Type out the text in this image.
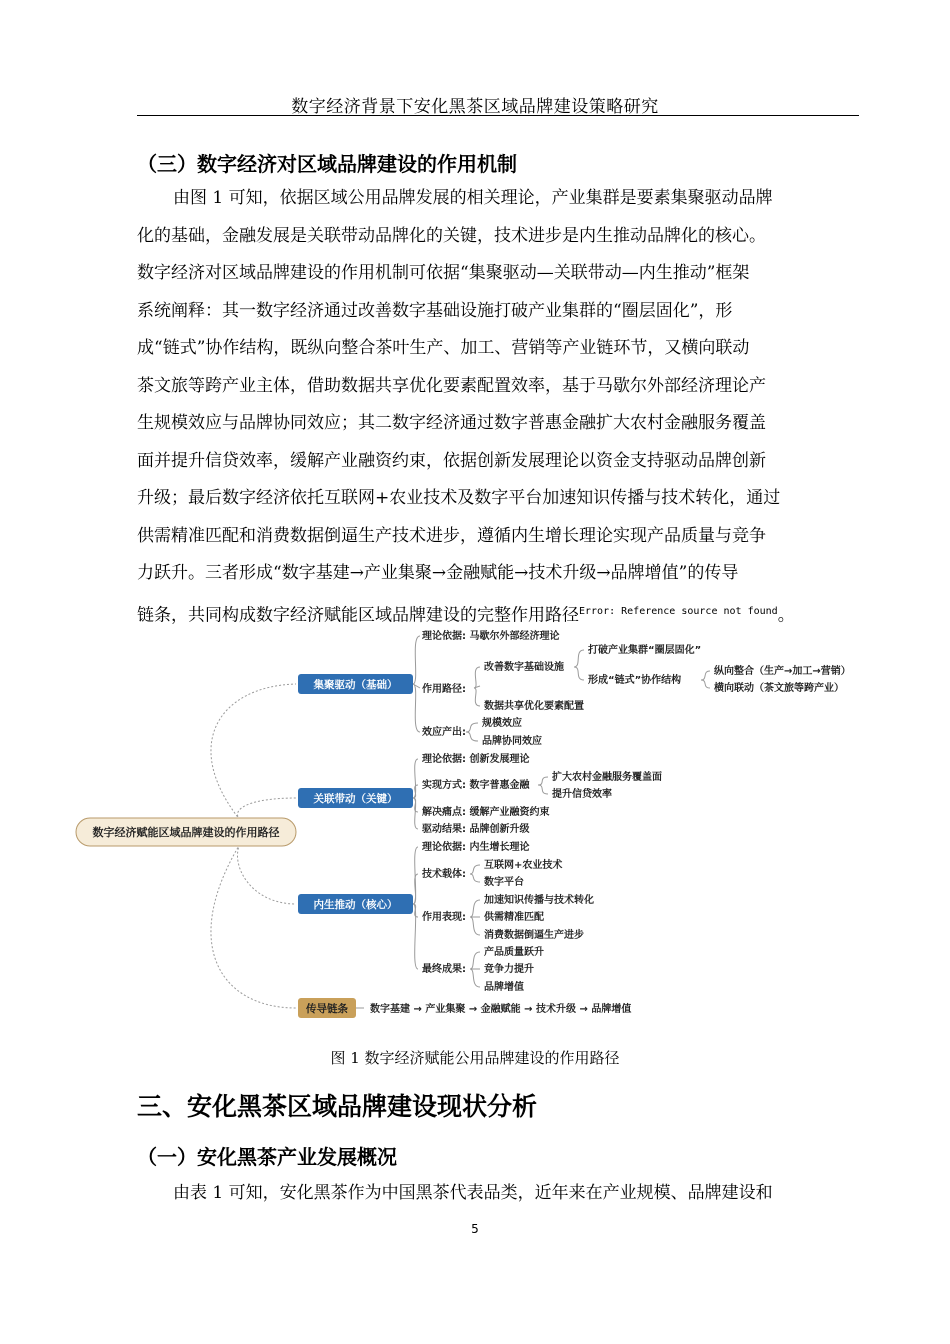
数字经济背景下安化黑茶区域品牌建设策略研究
（三）数字经济对区域品牌建设的作用机制
由图 1 可知，依据区域公用品牌发展的相关理论，产业集群是要素集聚驱动品牌
化的基础，金融发展是关联带动品牌化的关键，技术进步是内生推动品牌化的核心。
数字经济对区域品牌建设的作用机制可依据“集聚驱动—关联带动—内生推动”框架
系统阐释：其一数字经济通过改善数字基础设施打破产业集群的“圈层固化”，形
成“链式”协作结构，既纵向整合茶叶生产、加工、营销等产业链环节，又横向联动
茶文旅等跨产业主体，借助数据共享优化要素配置效率，基于马歇尔外部经济理论产
生规模效应与品牌协同效应；其二数字经济通过数字普惠金融扩大农村金融服务覆盖
面并提升信贷效率，缓解产业融资约束，依据创新发展理论以资金支持驱动品牌创新
升级；最后数字经济依托互联网+农业技术及数字平台加速知识传播与技术转化，通过
供需精准匹配和消费数据倒逼生产技术进步，遵循内生增长理论实现产品质量与竞争
力跃升。三者形成“数字基建→产业集聚→金融赋能→技术升级→品牌增值”的传导
链条，共同构成数字经济赋能区域品牌建设的完整作用路径$^{Error: Reference source not found}$。
数字经济赋能区域品牌建设的作用路径
集聚驱动（基础）
理论依据: 马歇尔外部经济理论
作用路径:
改善数字基础设施
打破产业集群“圈层固化”
形成“链式”协作结构
纵向整合（生产→加工→营销）
横向联动（茶文旅等跨产业）
数据共享优化要素配置
效应产出:
规模效应
品牌协同效应
关联带动（关键）
理论依据: 创新发展理论
实现方式: 数字普惠金融
扩大农村金融服务覆盖面
提升信贷效率
解决痛点: 缓解产业融资约束
驱动结果: 品牌创新升级
内生推动（核心）
理论依据: 内生增长理论
技术载体:
互联网+农业技术
数字平台
作用表现:
加速知识传播与技术转化
供需精准匹配
消费数据倒逼生产进步
最终成果:
产品质量跃升
竞争力提升
品牌增值
传导链条 数字基建 → 产业集聚 → 金融赋能 → 技术升级 → 品牌增值
图 1 数字经济赋能公用品牌建设的作用路径
三、安化黑茶区域品牌建设现状分析
（一）安化黑茶产业发展概况
由表 1 可知，安化黑茶作为中国黑茶代表品类，近年来在产业规模、品牌建设和
5
